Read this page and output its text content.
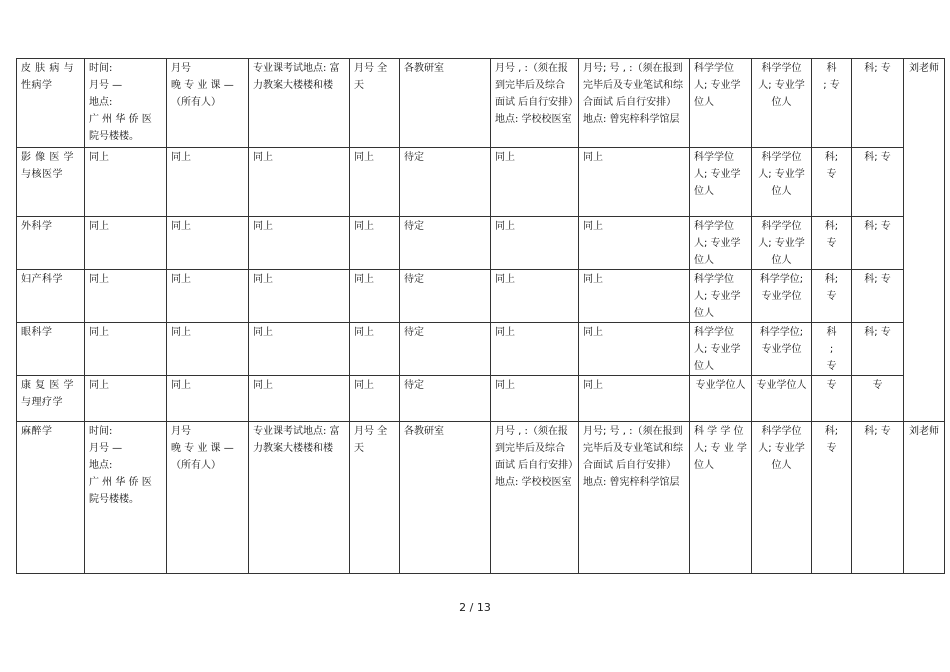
皮 肤 病 与 性病学	时间:
月号 —
地点:
广 州 华 侨 医 院号楼楼。	月号
晚 专 业 课 —（所有人）	专业课考试地点: 富力教案大楼楼和楼	月号 全天	各教研室	月号 , :（须在报到完毕后及综合面试 后自行安排）地点: 学校校医室	月号; 号 , :（须在报到完毕后及专业笔试和综合面试 后自行安排）地点: 曾宪梓科学馆层	科学学位人; 专业学位人	科学学位人; 专业学位人	科
; 专	科; 专	刘老师
影 像 医 学 与核医学	同上	同上	同上	同上	待定	同上	同上	科学学位人; 专业学位人	科学学位人; 专业学位人	科;
专	科; 专	
外科学	同上	同上	同上	同上	待定	同上	同上	科学学位人; 专业学位人	科学学位人; 专业学位人	科;
专	科; 专	
妇产科学	同上	同上	同上	同上	待定	同上	同上	科学学位人; 专业学位人	科学学位; 专业学位	科;
专	科; 专	
眼科学	同上	同上	同上	同上	待定	同上	同上	科学学位人; 专业学位人	科学学位; 专业学位	科
;
专	科; 专	
康 复 医 学 与理疗学	同上	同上	同上	同上	待定	同上	同上	专业学位人	专业学位人	专	专	
麻醉学	时间:
月号 —
地点:
广 州 华 侨 医 院号楼楼。	月号
晚 专 业 课 —（所有人）	专业课考试地点: 富力教案大楼楼和楼	月号 全天	各教研室	月号 , :（须在报到完毕后及综合面试 后自行安排）地点: 学校校医室	月号; 号 , :（须在报到完毕后及专业笔试和综合面试 后自行安排）地点: 曾宪梓科学馆层	科 学 学 位人; 专 业 学 位人	科学学位人; 专业学位人	科;
专	科; 专	刘老师
2 / 13
